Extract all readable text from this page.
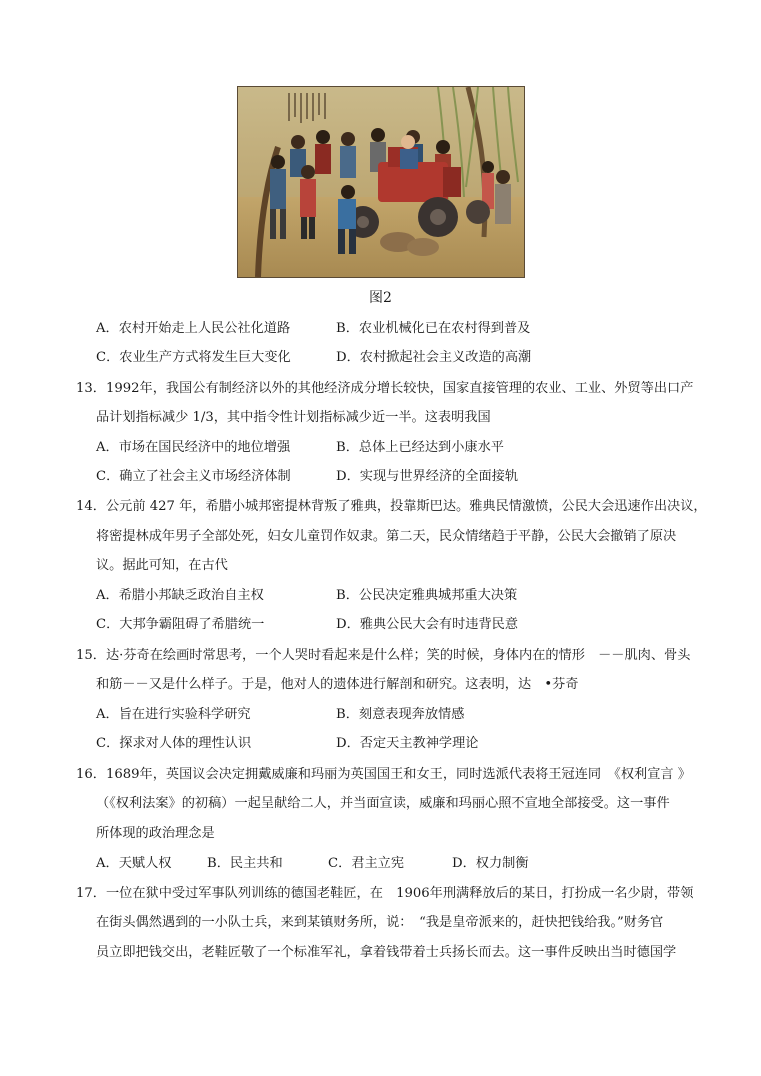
图2
A．农村开始走上人民公社化道路	B．农业机械化已在农村得到普及
C．农业生产方式将发生巨大变化	D．农村掀起社会主义改造的高潮
13．1992年，我国公有制经济以外的其他经济成分增长较快，国家直接管理的农业、工业、外贸等出口产
品计划指标减少 1/3，其中指令性计划指标减少近一半。这表明我国
A．市场在国民经济中的地位增强	B．总体上已经达到小康水平
C．确立了社会主义市场经济体制	D．实现与世界经济的全面接轨
14．公元前 427 年，希腊小城邦密提林背叛了雅典，投靠斯巴达。雅典民情激愤，公民大会迅速作出决议，
将密提林成年男子全部处死，妇女儿童罚作奴隶。第二天，民众情绪趋于平静，公民大会撤销了原决
议。据此可知，在古代
A．希腊小邦缺乏政治自主权	B．公民决定雅典城邦重大决策
C．大邦争霸阻碍了希腊统一	D．雅典公民大会有时违背民意
15．达·芬奇在绘画时常思考，一个人哭时看起来是什么样；笑的时候，身体内在的情形　－－肌肉、骨头
和筋－－又是什么样子。于是，他对人的遗体进行解剖和研究。这表明，达　•芬奇
A．旨在进行实验科学研究	B．刻意表现奔放情感
C．探求对人体的理性认识	D．否定天主教神学理论
16．1689年，英国议会决定拥戴威廉和玛丽为英国国王和女王，同时选派代表将王冠连同　《权利宣言 》
（《权利法案》的初稿）一起呈献给二人，并当面宣读，威廉和玛丽心照不宣地全部接受。这一事件
所体现的政治理念是
A．天赋人权	B．民主共和	C．君主立宪	D．权力制衡
17．一位在狱中受过军事队列训练的德国老鞋匠，在　1906年刑满释放后的某日，打扮成一名少尉，带领
在街头偶然遇到的一小队士兵，来到某镇财务所，说：　“我是皇帝派来的，赶快把钱给我。”财务官
员立即把钱交出，老鞋匠敬了一个标准军礼，拿着钱带着士兵扬长而去。这一事件反映出当时德国学
